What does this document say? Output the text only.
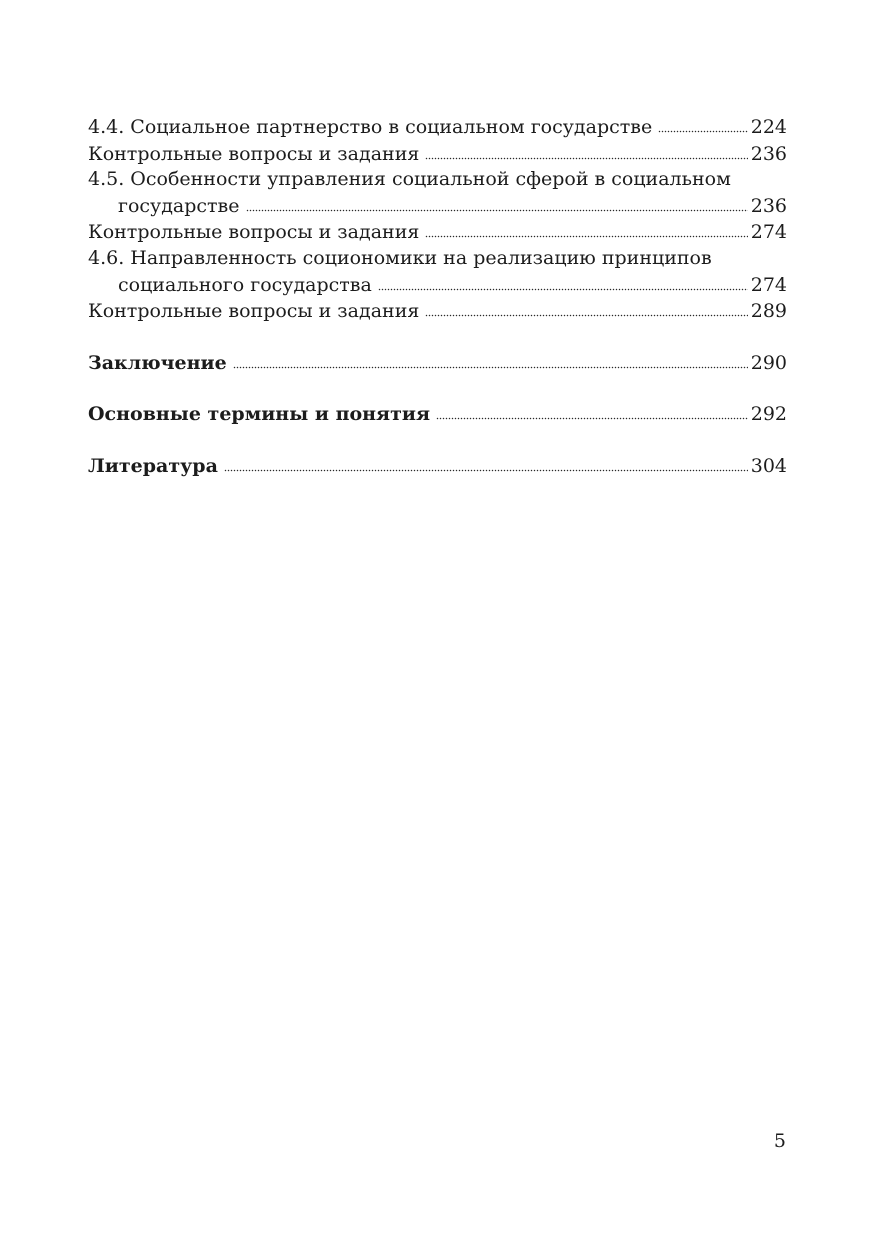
4.4. Социальное партнерство в социальном государстве	224
Контрольные вопросы и задания	236
4.5. Особенности управления социальной сферой в социальном
государстве	236
Контрольные вопросы и задания	274
4.6. Направленность социономики на реализацию принципов
социального государства	274
Контрольные вопросы и задания	289
Заключение	290
Основные термины и понятия	292
Литература	304
5
